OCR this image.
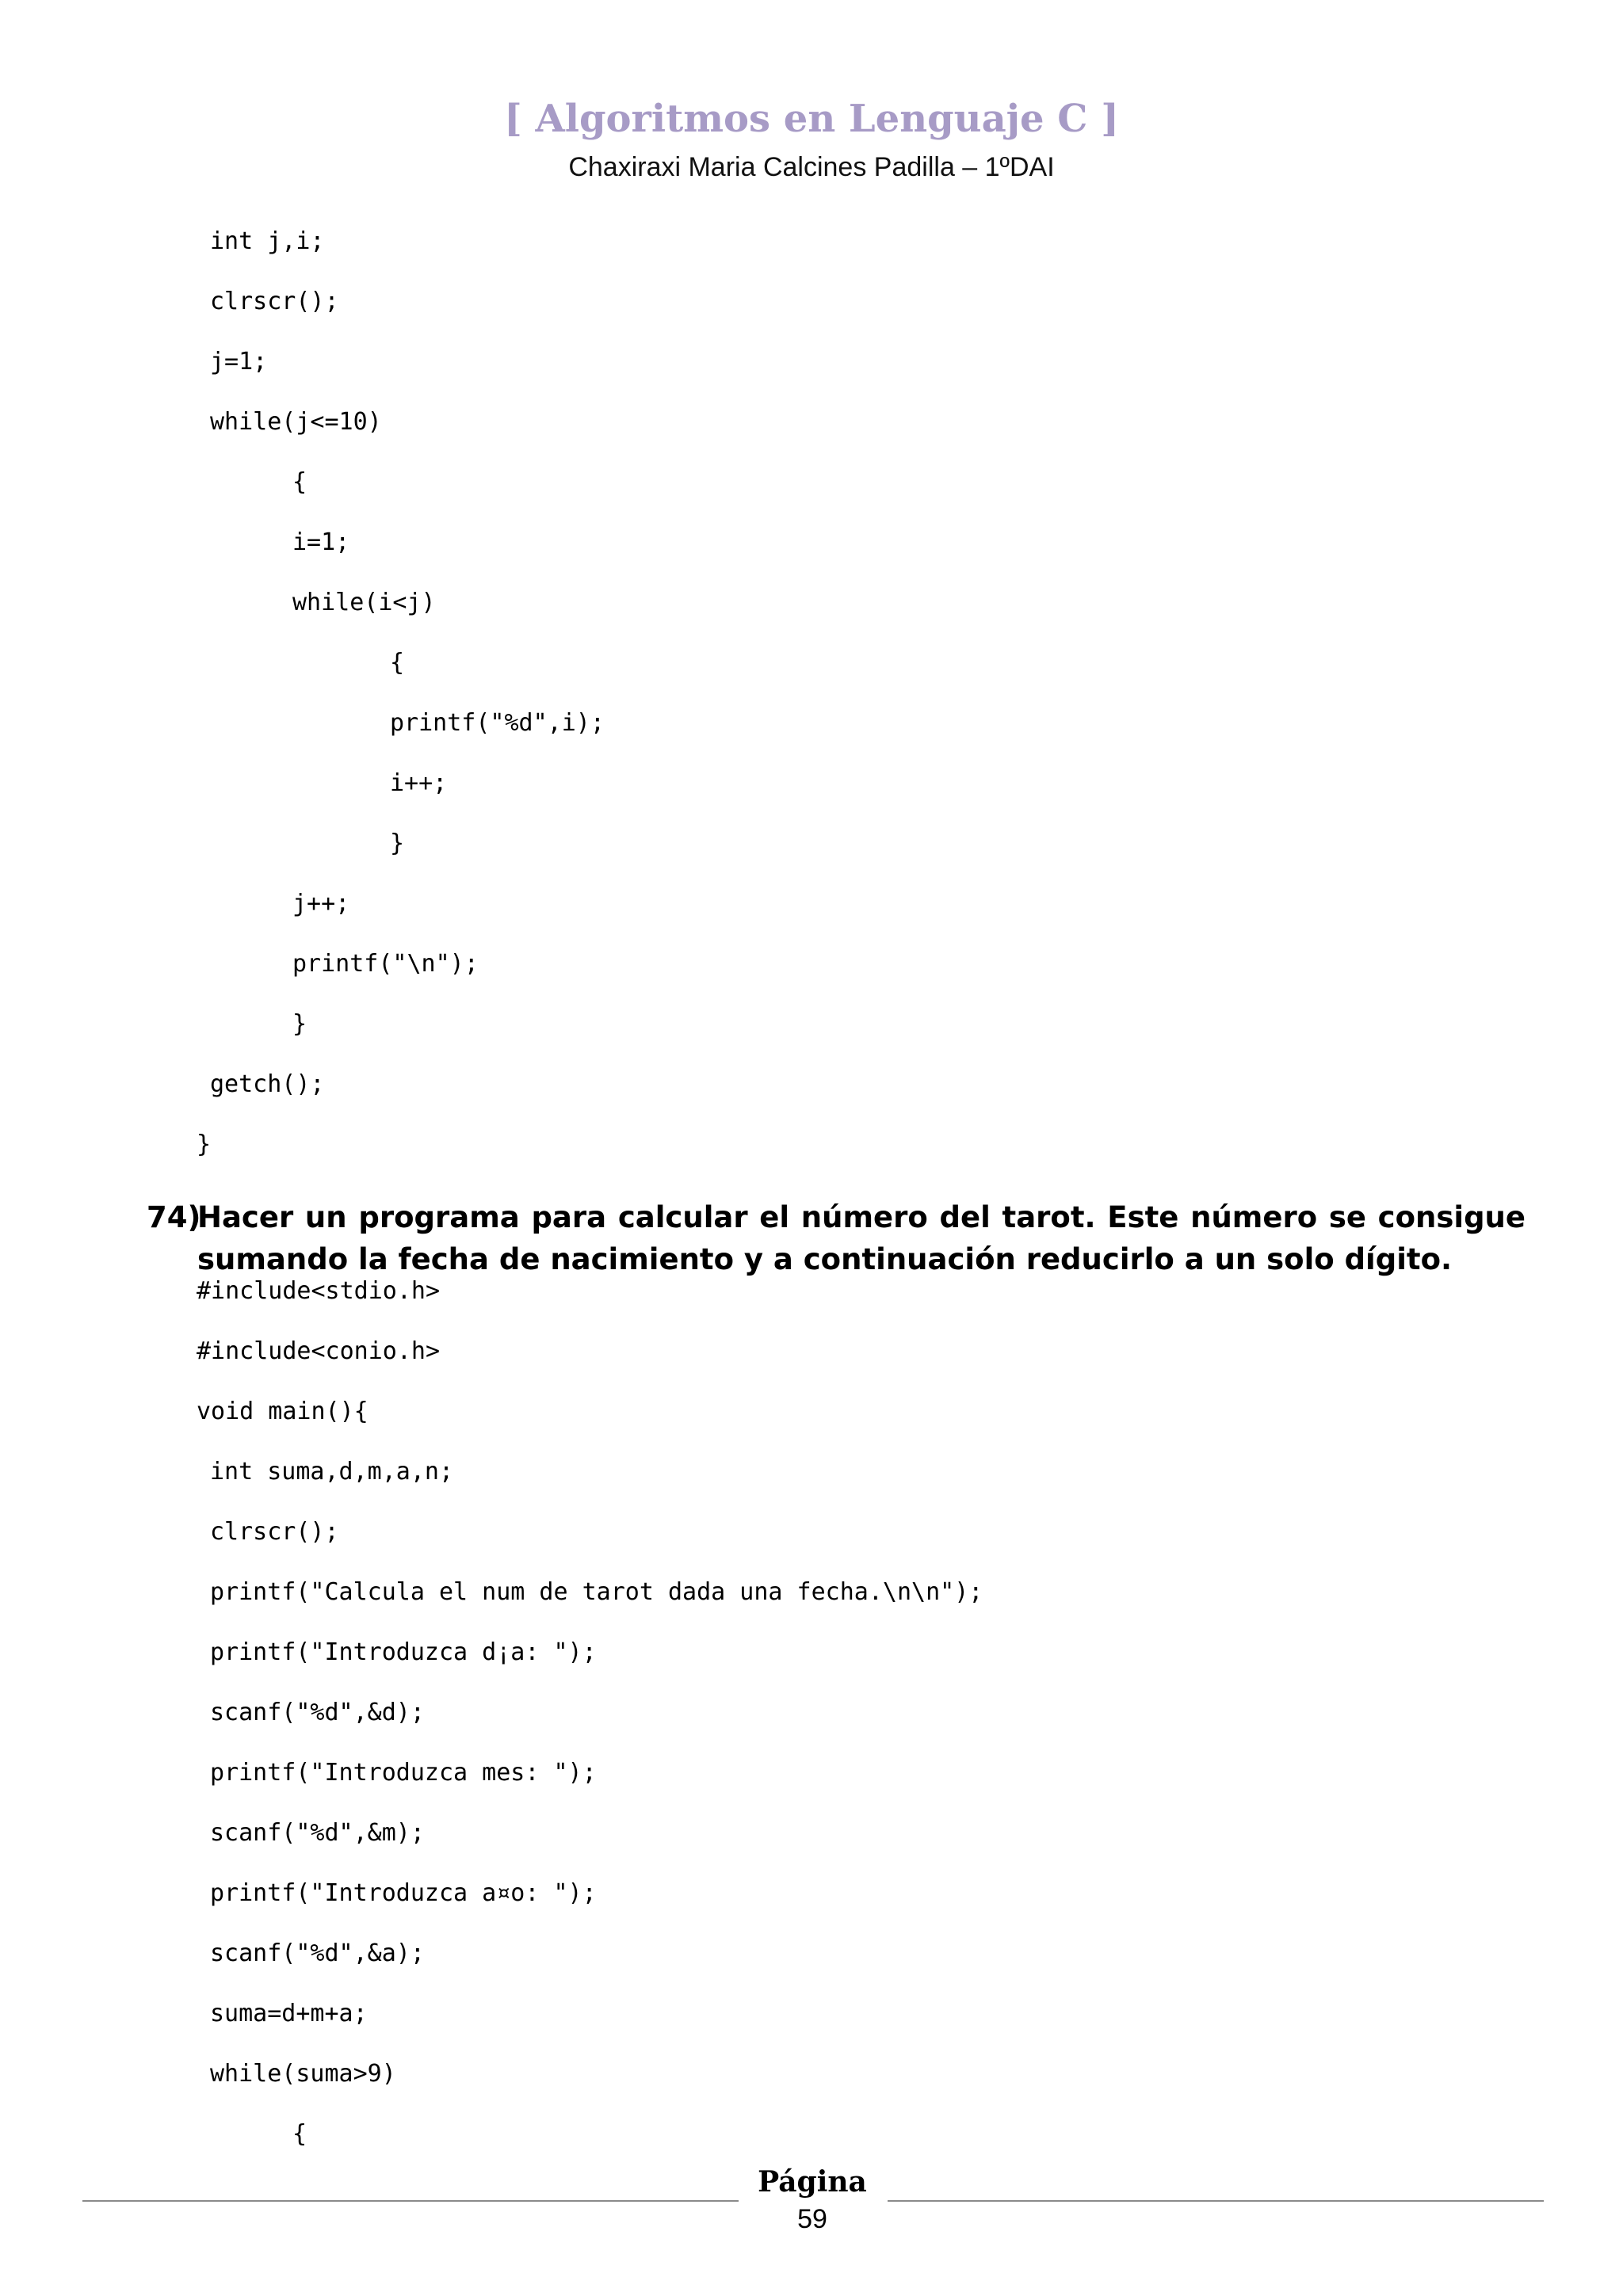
[ Algoritmos en Lenguaje C ]
Chaxiraxi Maria Calcines Padilla – 1ºDAI
int j,i;
clrscr();
j=1;
while(j<=10)
{
i=1;
while(i<j)
{
printf("%d",i);
i++;
}
j++;
printf("\n");
}
getch();
}
74)
Hacer un programa para calcular el número del tarot. Este número se consigue sumando la fecha de nacimiento y a continuación reducirlo a un solo dígito.
#include<stdio.h>
#include<conio.h>
void main(){
int suma,d,m,a,n;
clrscr();
printf("Calcula el num de tarot dada una fecha.\n\n");
printf("Introduzca d¡a: ");
scanf("%d",&d);
printf("Introduzca mes: ");
scanf("%d",&m);
printf("Introduzca a¤o: ");
scanf("%d",&a);
suma=d+m+a;
while(suma>9)
{
Página
59
